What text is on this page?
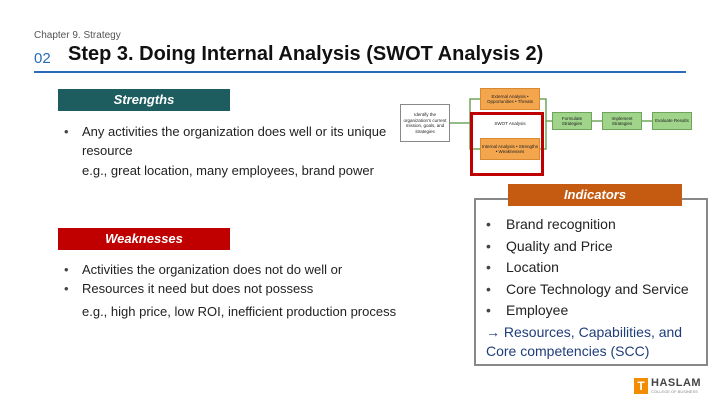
Chapter 9. Strategy
02 Step 3. Doing Internal Analysis (SWOT Analysis 2)
Strengths
• Any activities the organization does well or its unique resource
e.g., great location, many employees, brand power
Weaknesses
• Activities the organization does not do well or
• Resources it need but does not possess
e.g., high price, low ROI, inefficient production process
Identify the organization's current mission, goals, and strategies
External Analysis • Opportunities • Threats
SWOT Analysis
Internal Analysis • Strengths • Weaknesses
Formulate Strategies
Implement Strategies
Evaluate Results
Indicators
• Brand recognition
• Quality and Price
• Location
• Core Technology and Service
• Employee
→ Resources, Capabilities, and Core competencies (SCC)
T HASLAM
COLLEGE OF BUSINESS
